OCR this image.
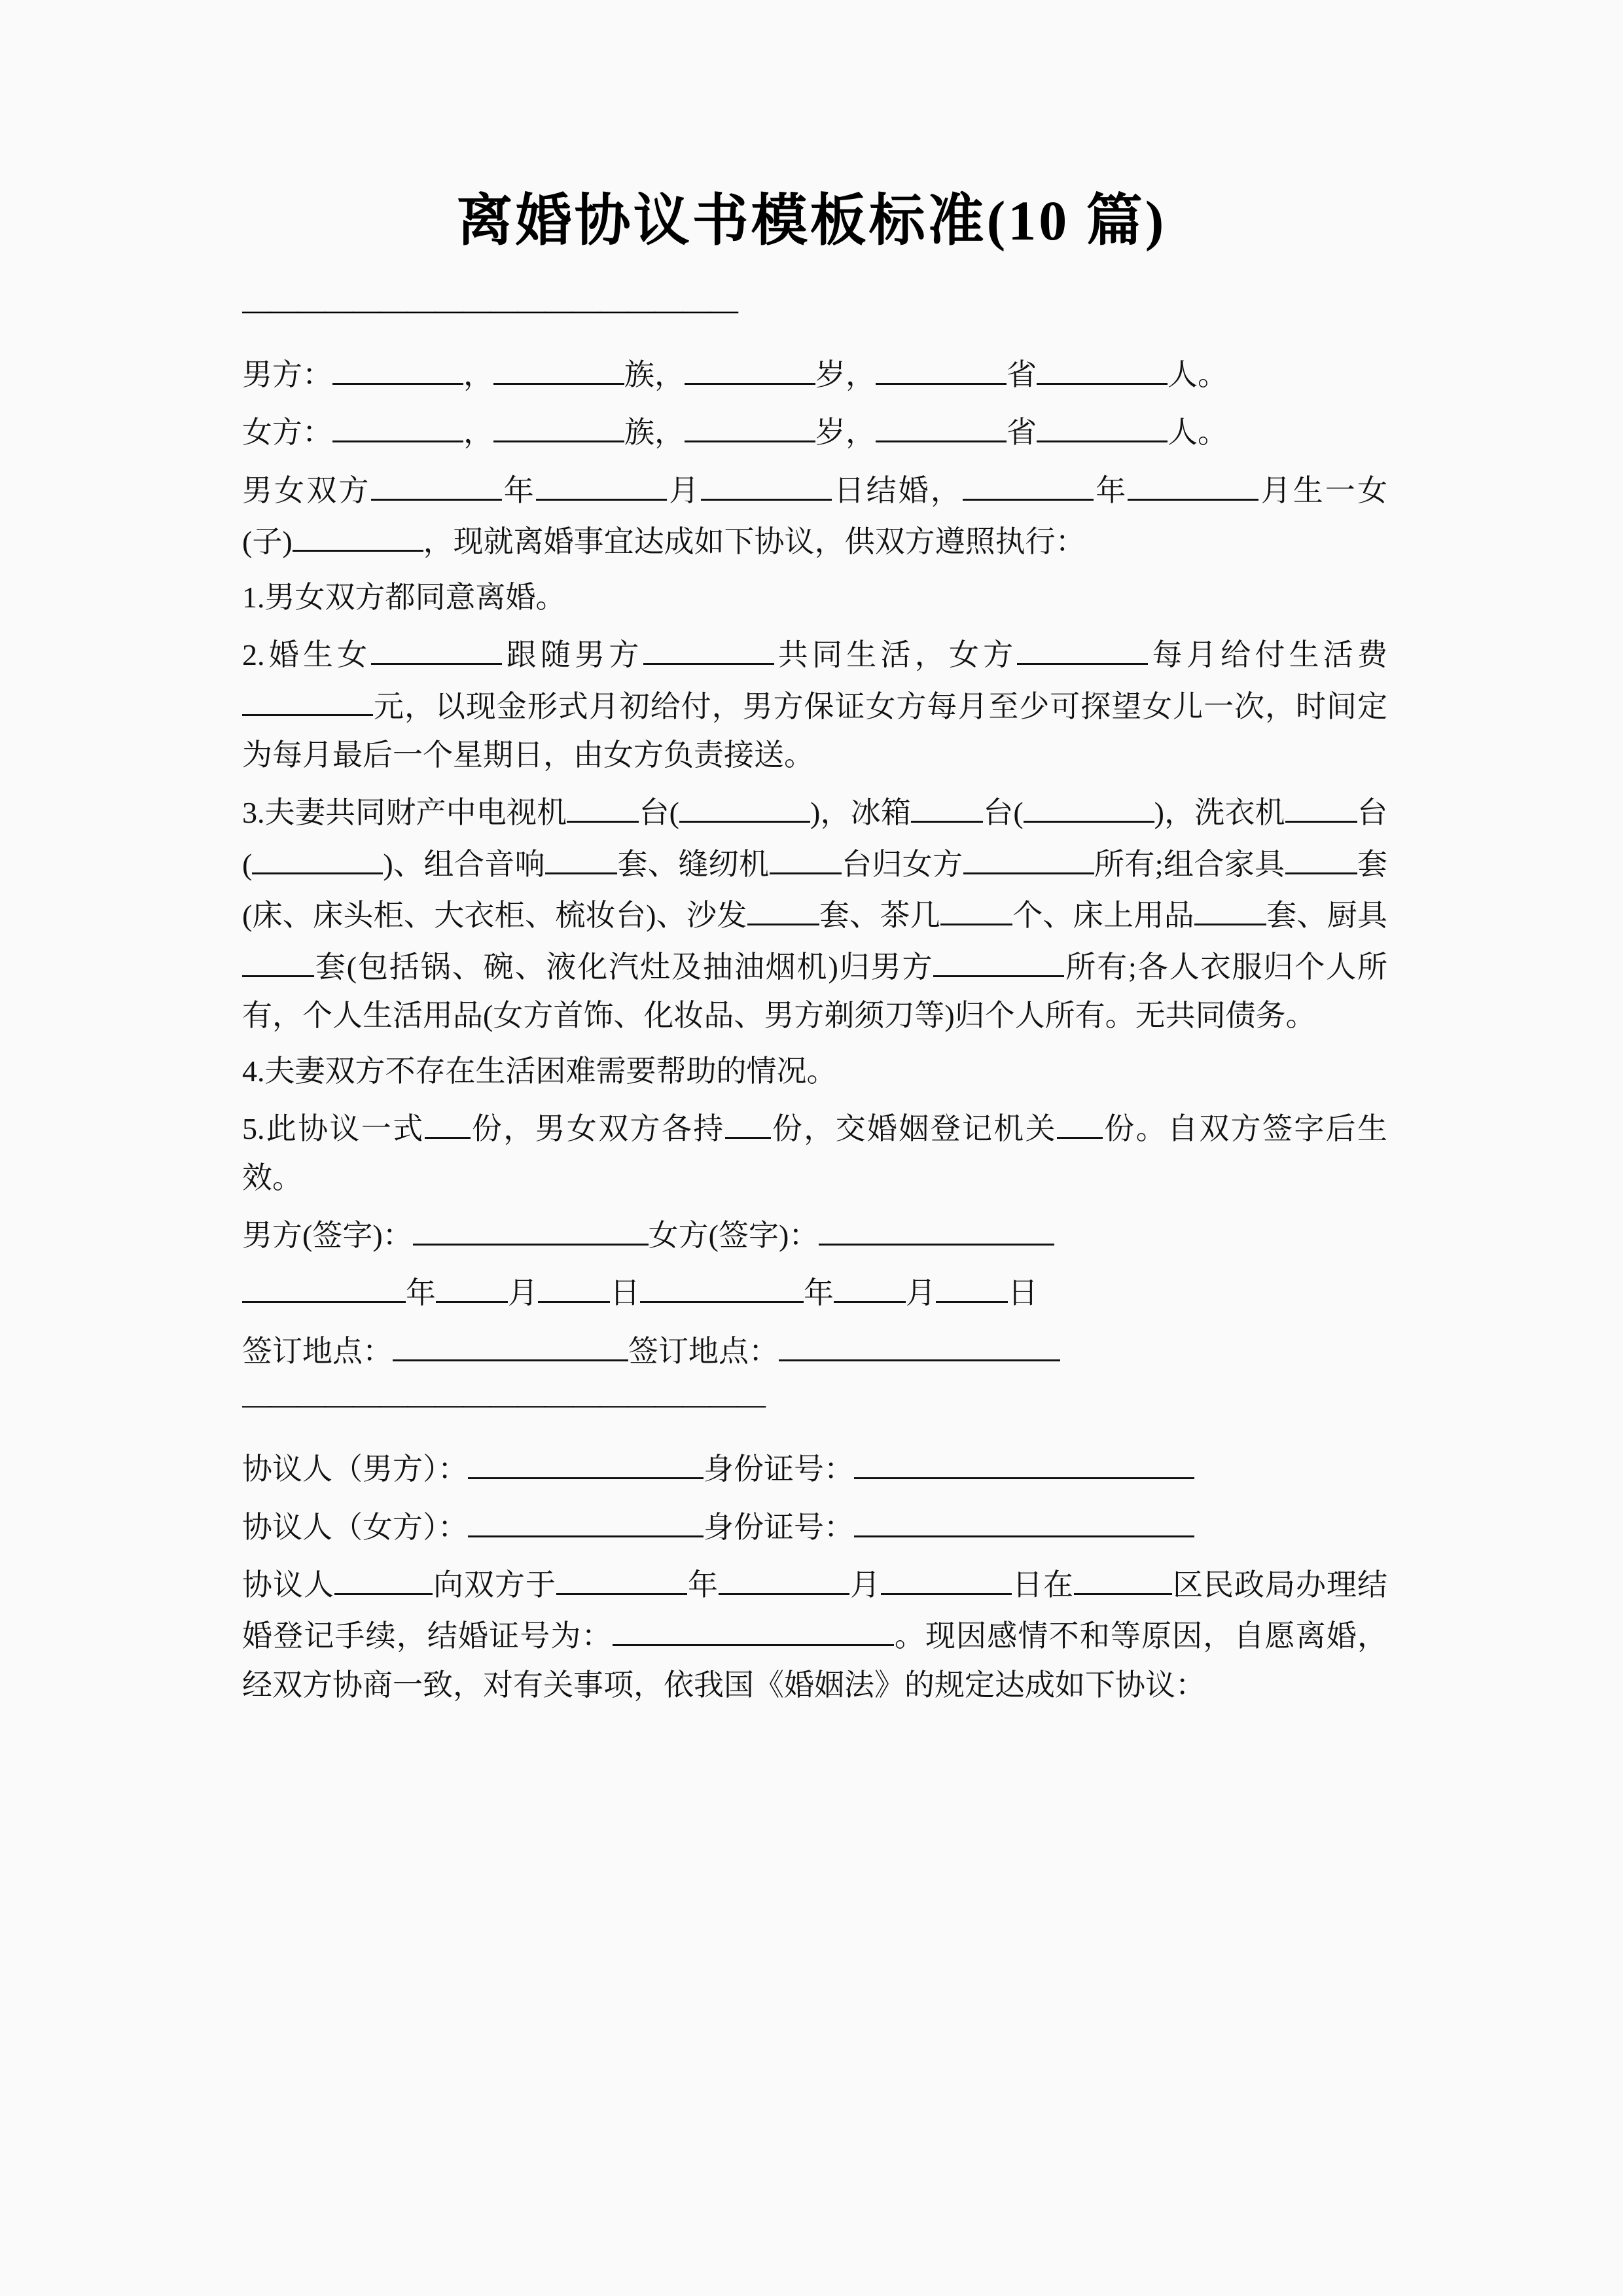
离婚协议书模板标准(10 篇)
——————————————————

男方：	，	族，	岁，	省	人。

女方：	，	族，	岁，	省	人。

男女双方	年	月	日结婚，	年	月生一女(子)	，现就离婚事宜达成如下协议，供双方遵照执行：

1.男女双方都同意离婚。

2.婚生女	跟随男方	共同生活，女方	每月给付生活费元，以现金形式月初给付，男方保证女方每月至少可探望女儿一次，时间定为每月最后一个星期日，由女方负责接送。

3.夫妻共同财产中电视机 台(	)，冰箱 台(	)，洗衣机 台(	)、组合音响 套、缝纫机 台归女方	所有;组合家具 套(床、床头柜、大衣柜、梳妆台)、沙发 套、茶几 个、床上用品 套、厨具套(包括锅、碗、液化汽灶及抽油烟机)归男方	所有;各人衣服归个人所有，个人生活用品(女方首饰、化妆品、男方剃须刀等)归个人所有。无共同债务。

4.夫妻双方不存在生活困难需要帮助的情况。

5.此协议一式 份，男女双方各持 份，交婚姻登记机关 份。自双方签字后生效。

男方(签字)：	女方(签字)：

年 月 日	年 月 日

签订地点：	签订地点：

———————————————————

协议人（男方）：	身份证号：

协议人（女方）：	身份证号：

协议人	向双方于	年	月	日在	区民政局办理结婚登记手续，结婚证号为：	。现因感情不和等原因，自愿离婚，经双方协商一致，对有关事项，依我国《婚姻法》的规定达成如下协议：
